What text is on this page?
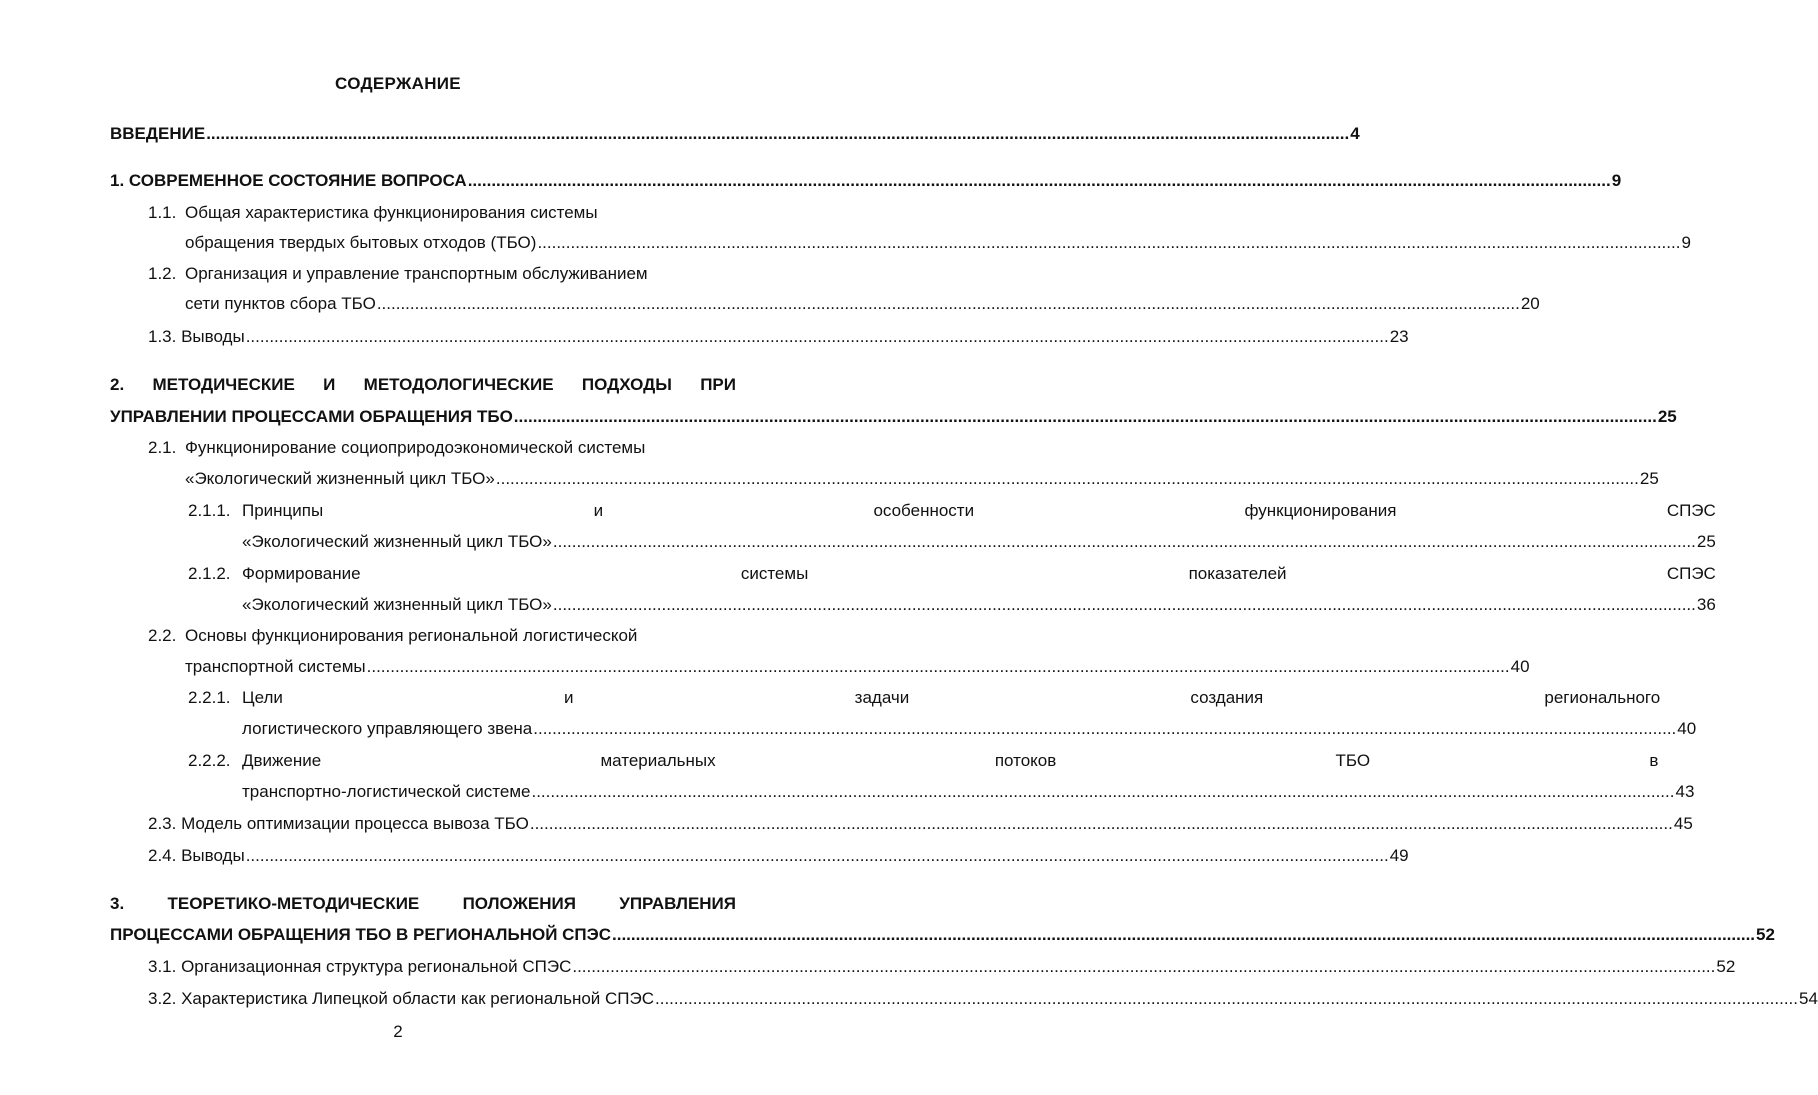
СОДЕРЖАНИЕ
ВВЕДЕНИЕ .....	4
1. СОВРЕМЕННОЕ СОСТОЯНИЕ ВОПРОСА .....	9
1.1. Общая характеристика функционирования системы
обращения твердых бытовых отходов (ТБО) .....	9
1.2. Организация и управление транспортным обслуживанием
сети пунктов сбора ТБО .....	20
1.3. Выводы .....	23
2. МЕТОДИЧЕСКИЕ И МЕТОДОЛОГИЧЕСКИЕ ПОДХОДЫ ПРИ
УПРАВЛЕНИИ ПРОЦЕССАМИ ОБРАЩЕНИЯ ТБО .....	25
2.1. Функционирование социоприродоэкономической системы
«Экологический жизненный цикл ТБО» .....	25
2.1.1. Принципы и особенности функционирования СПЭС
«Экологический жизненный цикл ТБО» .....	25
2.1.2. Формирование системы показателей СПЭС
«Экологический жизненный цикл ТБО» .....	36
2.2. Основы функционирования региональной логистической
транспортной системы .....	40
2.2.1. Цели и задачи создания регионального
логистического управляющего звена .....	40
2.2.2. Движение материальных потоков ТБО в
транспортно-логистической системе .....	43
2.3. Модель оптимизации процесса вывоза ТБО .....	45
2.4. Выводы .....	49
3. ТЕОРЕТИКО-МЕТОДИЧЕСКИЕ ПОЛОЖЕНИЯ УПРАВЛЕНИЯ
ПРОЦЕССАМИ ОБРАЩЕНИЯ ТБО В РЕГИОНАЛЬНОЙ СПЭС .....	52
3.1. Организационная структура региональной СПЭС .....	52
3.2. Характеристика Липецкой области как региональной СПЭС .....	54
2
